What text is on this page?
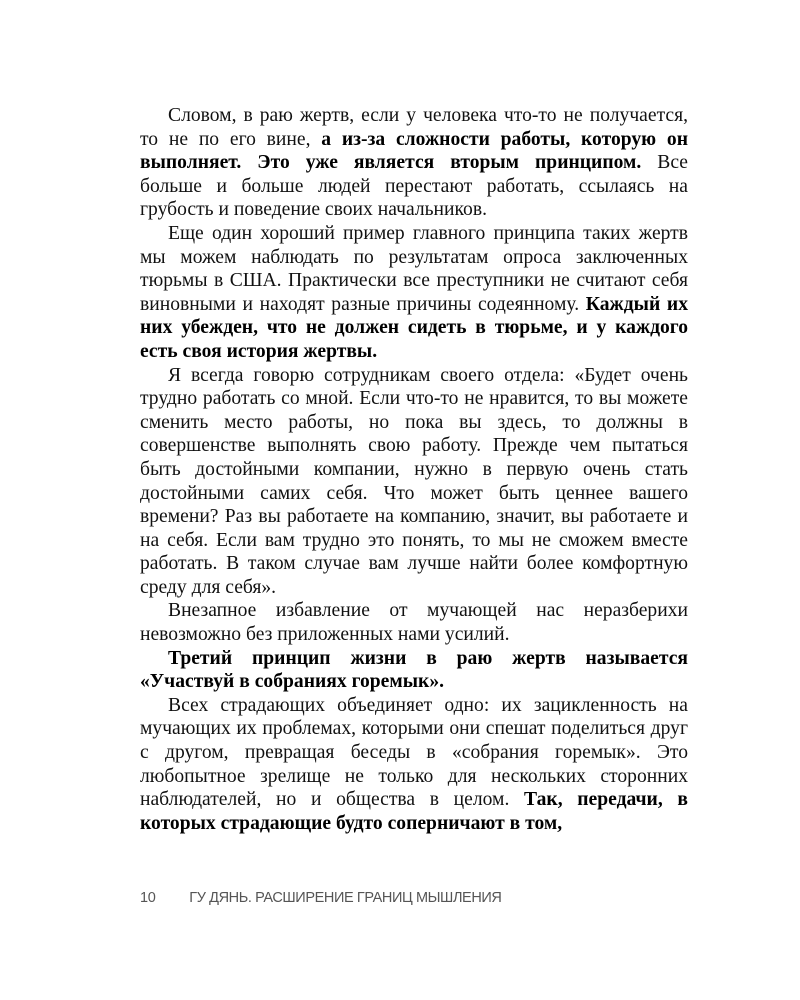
Словом, в раю жертв, если у человека что-то не получается, то не по его вине, а из-за сложности работы, которую он выполняет. Это уже является вторым принципом. Все больше и больше людей перестают работать, ссылаясь на грубость и поведение своих начальников.

Еще один хороший пример главного принципа таких жертв мы можем наблюдать по результатам опроса заключенных тюрьмы в США. Практически все преступники не считают себя виновными и находят разные причины содеянному. Каждый их них убежден, что не должен сидеть в тюрьме, и у каждого есть своя история жертвы.

Я всегда говорю сотрудникам своего отдела: «Будет очень трудно работать со мной. Если что-то не нравится, то вы можете сменить место работы, но пока вы здесь, то должны в совершенстве выполнять свою работу. Прежде чем пытаться быть достойными компании, нужно в первую очень стать достойными самих себя. Что может быть ценнее вашего времени? Раз вы работаете на компанию, значит, вы работаете и на себя. Если вам трудно это понять, то мы не сможем вместе работать. В таком случае вам лучше найти более комфортную среду для себя».

Внезапное избавление от мучающей нас неразберихи невозможно без приложенных нами усилий.

Третий принцип жизни в раю жертв называется «Участвуй в собраниях горемык».

Всех страдающих объединяет одно: их зацикленность на мучающих их проблемах, которыми они спешат поделиться друг с другом, превращая беседы в «собрания горемык». Это любопытное зрелище не только для нескольких сторонних наблюдателей, но и общества в целом. Так, передачи, в которых страдающие будто соперничают в том,

10 ГУ ДЯНЬ. РАСШИРЕНИЕ ГРАНИЦ МЫШЛЕНИЯ
